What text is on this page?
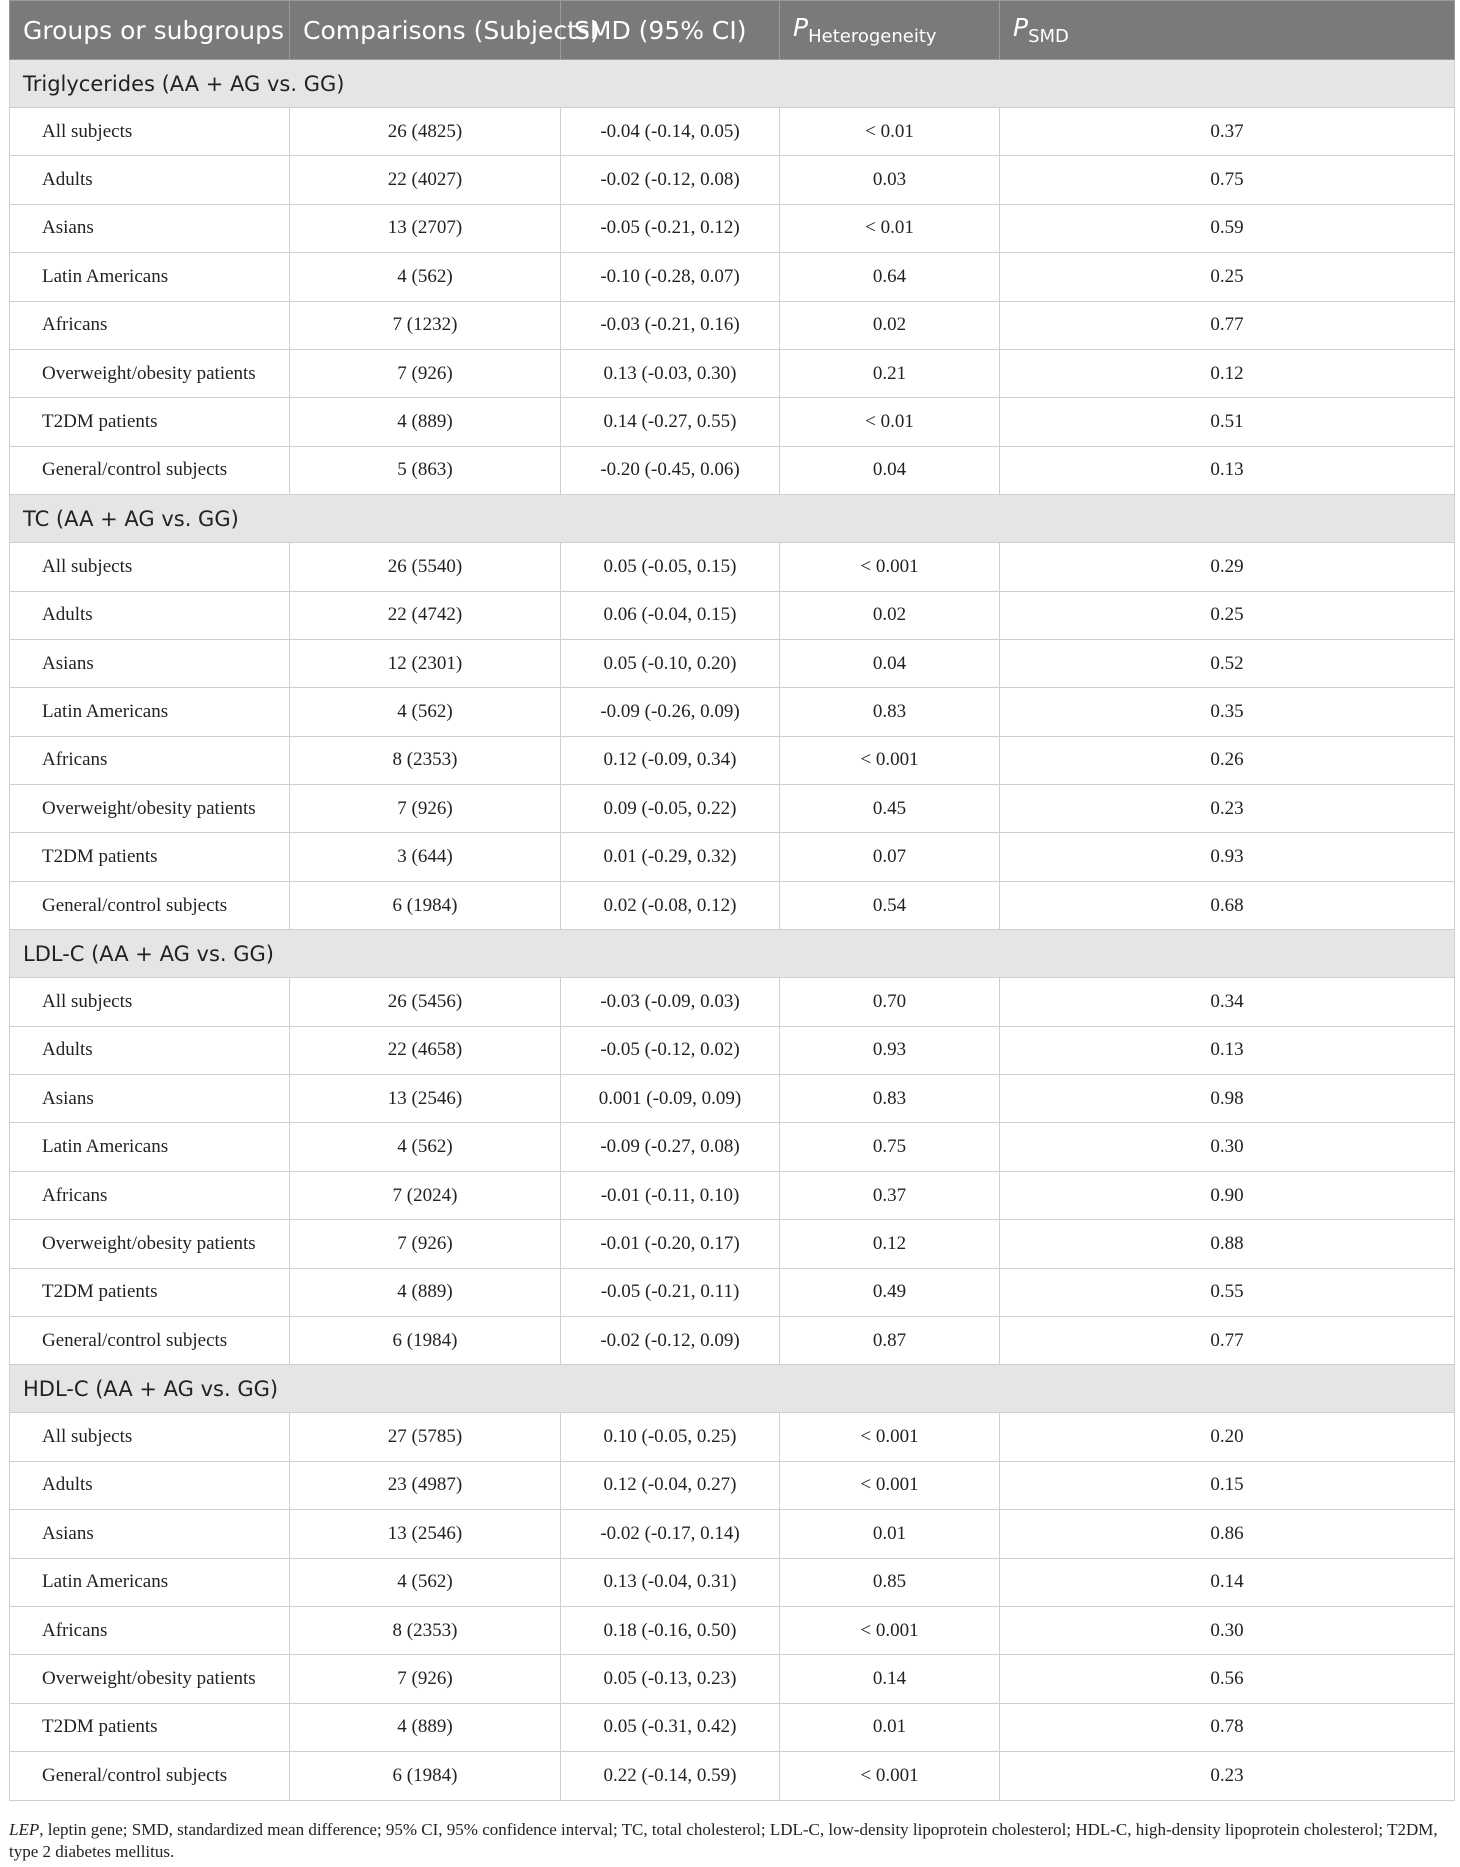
Groups or subgroups	Comparisons (Subjects)	SMD (95% CI)	$P_{Heterogeneity}$	$P_{SMD}$
Triglycerides (AA + AG vs. GG)				
All subjects	26 (4825)	-0.04 (-0.14, 0.05)	< 0.01	0.37
Adults	22 (4027)	-0.02 (-0.12, 0.08)	0.03	0.75
Asians	13 (2707)	-0.05 (-0.21, 0.12)	< 0.01	0.59
Latin Americans	4 (562)	-0.10 (-0.28, 0.07)	0.64	0.25
Africans	7 (1232)	-0.03 (-0.21, 0.16)	0.02	0.77
Overweight/obesity patients	7 (926)	0.13 (-0.03, 0.30)	0.21	0.12
T2DM patients	4 (889)	0.14 (-0.27, 0.55)	< 0.01	0.51
General/control subjects	5 (863)	-0.20 (-0.45, 0.06)	0.04	0.13
TC (AA + AG vs. GG)				
All subjects	26 (5540)	0.05 (-0.05, 0.15)	< 0.001	0.29
Adults	22 (4742)	0.06 (-0.04, 0.15)	0.02	0.25
Asians	12 (2301)	0.05 (-0.10, 0.20)	0.04	0.52
Latin Americans	4 (562)	-0.09 (-0.26, 0.09)	0.83	0.35
Africans	8 (2353)	0.12 (-0.09, 0.34)	< 0.001	0.26
Overweight/obesity patients	7 (926)	0.09 (-0.05, 0.22)	0.45	0.23
T2DM patients	3 (644)	0.01 (-0.29, 0.32)	0.07	0.93
General/control subjects	6 (1984)	0.02 (-0.08, 0.12)	0.54	0.68
LDL-C (AA + AG vs. GG)				
All subjects	26 (5456)	-0.03 (-0.09, 0.03)	0.70	0.34
Adults	22 (4658)	-0.05 (-0.12, 0.02)	0.93	0.13
Asians	13 (2546)	0.001 (-0.09, 0.09)	0.83	0.98
Latin Americans	4 (562)	-0.09 (-0.27, 0.08)	0.75	0.30
Africans	7 (2024)	-0.01 (-0.11, 0.10)	0.37	0.90
Overweight/obesity patients	7 (926)	-0.01 (-0.20, 0.17)	0.12	0.88
T2DM patients	4 (889)	-0.05 (-0.21, 0.11)	0.49	0.55
General/control subjects	6 (1984)	-0.02 (-0.12, 0.09)	0.87	0.77
HDL-C (AA + AG vs. GG)				
All subjects	27 (5785)	0.10 (-0.05, 0.25)	< 0.001	0.20
Adults	23 (4987)	0.12 (-0.04, 0.27)	< 0.001	0.15
Asians	13 (2546)	-0.02 (-0.17, 0.14)	0.01	0.86
Latin Americans	4 (562)	0.13 (-0.04, 0.31)	0.85	0.14
Africans	8 (2353)	0.18 (-0.16, 0.50)	< 0.001	0.30
Overweight/obesity patients	7 (926)	0.05 (-0.13, 0.23)	0.14	0.56
T2DM patients	4 (889)	0.05 (-0.31, 0.42)	0.01	0.78
General/control subjects	6 (1984)	0.22 (-0.14, 0.59)	< 0.001	0.23
LEP, leptin gene; SMD, standardized mean difference; 95% CI, 95% confidence interval; TC, total cholesterol; LDL-C, low-density lipoprotein cholesterol; HDL-C, high-density lipoprotein cholesterol; T2DM, type 2 diabetes mellitus.
